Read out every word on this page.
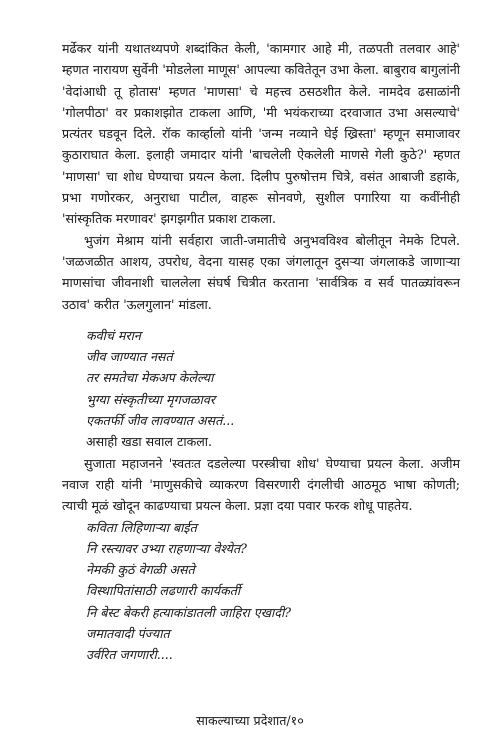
मर्ढेकर यांनी यथातथ्यपणे शब्दांकित केली, 'कामगार आहे मी, तळपती तलवार आहे' म्हणत नारायण सुर्वेनी 'मोडलेला माणूस' आपल्या कवितेतून उभा केला. बाबुराव बागुलांनी 'वेदांआधी तू होतास' म्हणत 'माणसा' चे महत्त्व ठसठशीत केले. नामदेव ढसाळांनी 'गोलपीठा' वर प्रकाशझोत टाकला आणि, 'मी भयंकराच्या दरवाजात उभा असल्याचे' प्रत्यंतर घडवून दिले. रॉक कार्व्हालो यांनी 'जन्म नव्याने घेई ख्रिस्ता' म्हणून समाजावर कुठाराघात केला. इलाही जमादार यांनी 'बाचलेली ऐकलेली माणसे गेली कुठे?' म्हणत 'माणसा' चा शोध घेण्याचा प्रयत्न केला. दिलीप पुरुषोत्तम चित्रे, वसंत आबाजी डहाके, प्रभा गणोरकर, अनुराधा पाटील, वाहरू सोनवणे, सुशील पगारिया या कवींनीही 'सांस्कृतिक मरणावर' झगझगीत प्रकाश टाकला.

भुजंग मेश्राम यांनी सर्वहारा जाती-जमातीचे अनुभवविश्व बोलीतून नेमके टिपले. 'जळजळीत आशय, उपरोध, वेदना यासह एका जंगलातून दुसऱ्या जंगलाकडे जाणाऱ्या माणसांचा जीवनाशी चाललेला संघर्ष चित्रीत करताना 'सार्वत्रिक व सर्व पातळ्यांवरून उठाव' करीत 'ऊलगुलान' मांडला.

कवीचं मरान
जीव जाण्यात नसतं
तर समतेचा मेकअप केलेल्या
भुग्या संस्कृतीच्या मृगजळावर
एकतर्फी जीव लावण्यात असतं...
असाही खडा सवाल टाकला.

सुजाता महाजनने 'स्वतःत दडलेल्या परस्त्रीचा शोध' घेण्याचा प्रयत्न केला. अजीम नवाज राही यांनी 'माणुसकीचे व्याकरण विसरणारी दंगलीची आठमूठ भाषा कोणती; त्याची मूळं खोदून काढण्याचा प्रयत्न केला. प्रज्ञा दया पवार फरक शोधू पाहतेय.

कविता लिहिणाऱ्या बाईत
नि रस्त्यावर उभ्या राहणाऱ्या वेश्येत?
नेमकी कुठं वेगळी असते
विस्थापितांसाठी लढणारी कार्यकर्ती
नि बेस्ट बेकरी हत्याकांडातली जाहिरा एखादी?
जमातवादी पंज्यात
उर्वरित जगणारी....
साकल्याच्या प्रदेशात/१०
